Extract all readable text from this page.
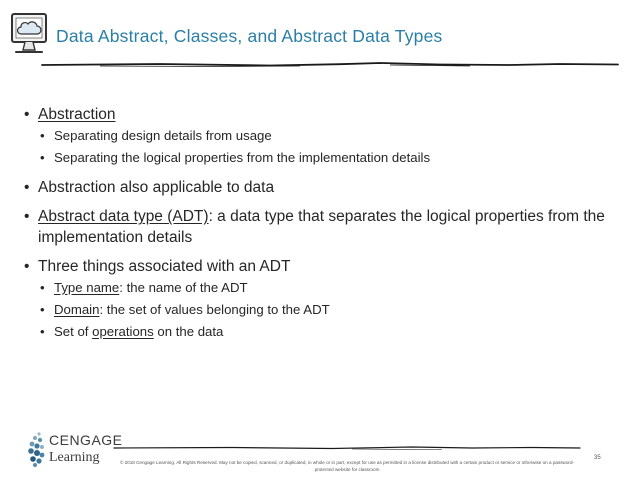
Data Abstract, Classes, and Abstract Data Types
• Abstraction
• Separating design details from usage
• Separating the logical properties from the implementation details
• Abstraction also applicable to data
• Abstract data type (ADT): a data type that separates the logical properties from the implementation details
• Three things associated with an ADT
• Type name: the name of the ADT
• Domain: the set of values belonging to the ADT
• Set of operations on the data
CENGAGE
Learning	© 2018 Cengage Learning. All Rights Reserved. May not be copied, scanned, or duplicated, in whole or in part, except for use as permitted in a license distributed with a certain product or service or otherwise on a password-protected website for classroom
35
